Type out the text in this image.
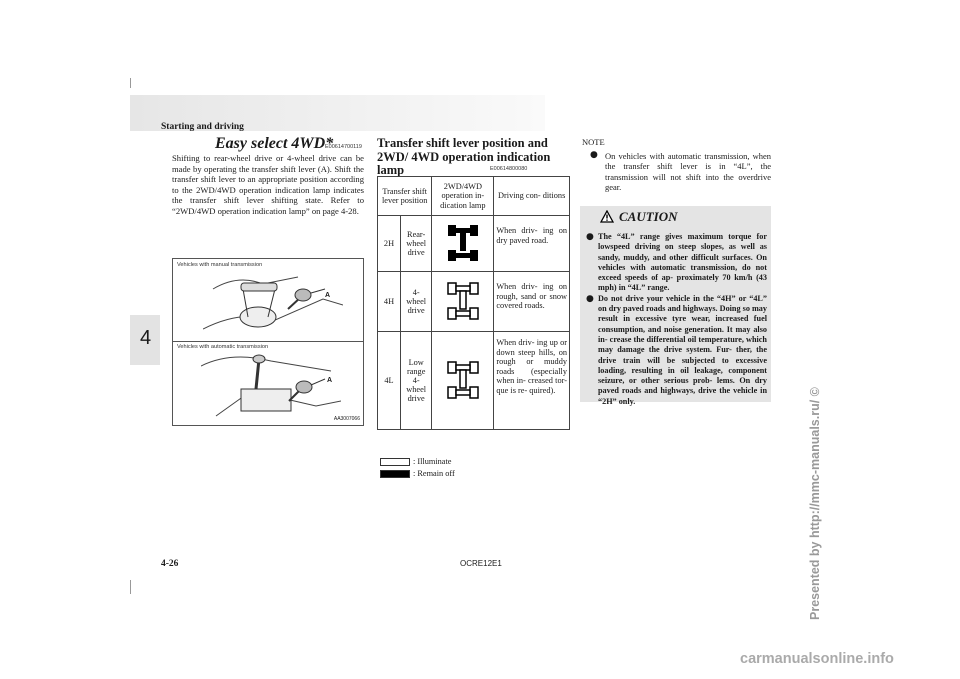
Starting and driving
4
Easy select 4WD*
E00614700119
Shifting to rear-wheel drive or 4-wheel drive can be made by operating the transfer shift lever (A). Shift the transfer shift lever to an appropriate position according to the 2WD/4WD operation indication lamp indicates the transfer shift lever shifting state. Refer to “2WD/4WD operation indication lamp” on page 4-28.
Vehicles with manual transmission
Vehicles with automatic transmission
A
A
AA3007066
Transfer shift lever position and 2WD/ 4WD operation indication lamp	E00614800080
Transfer shift lever position		2WD/4WD operation in- dication lamp	Driving con- ditions
2H	Rear-wheel drive		When driv- ing on dry paved road.
4H	4-wheel drive		When driv- ing on rough, sand or snow covered roads.
4L	Low range 4- wheel drive		When driv- ing up or down steep hills, on rough or muddy roads (especially when in- creased tor- que is re- quired).
: Illuminate
: Remain off
NOTE
● On vehicles with automatic transmission, when the transfer shift lever is in “4L”, the transmission will not shift into the overdrive gear.
CAUTION
● The “4L” range gives maximum torque for lowspeed driving on steep slopes, as well as sandy, muddy, and other difficult surfaces. On vehicles with automatic transmission, do not exceed speeds of ap- proximately 70 km/h (43 mph) in “4L” range.
● Do not drive your vehicle in the “4H” or “4L” on dry paved roads and highways. Doing so may result in excessive tyre wear, increased fuel consumption, and noise generation. It may also in- crease the differential oil temperature, which may damage the drive system. Fur- ther, the drive train will be subjected to excessive loading, resulting in oil leakage, component seizure, or other serious prob- lems. On dry paved roads and highways, drive the vehicle in “2H” only.
4-26	OCRE12E1	Presented by http://mmc-manuals.ru/ ©
carmanualsonline.info
